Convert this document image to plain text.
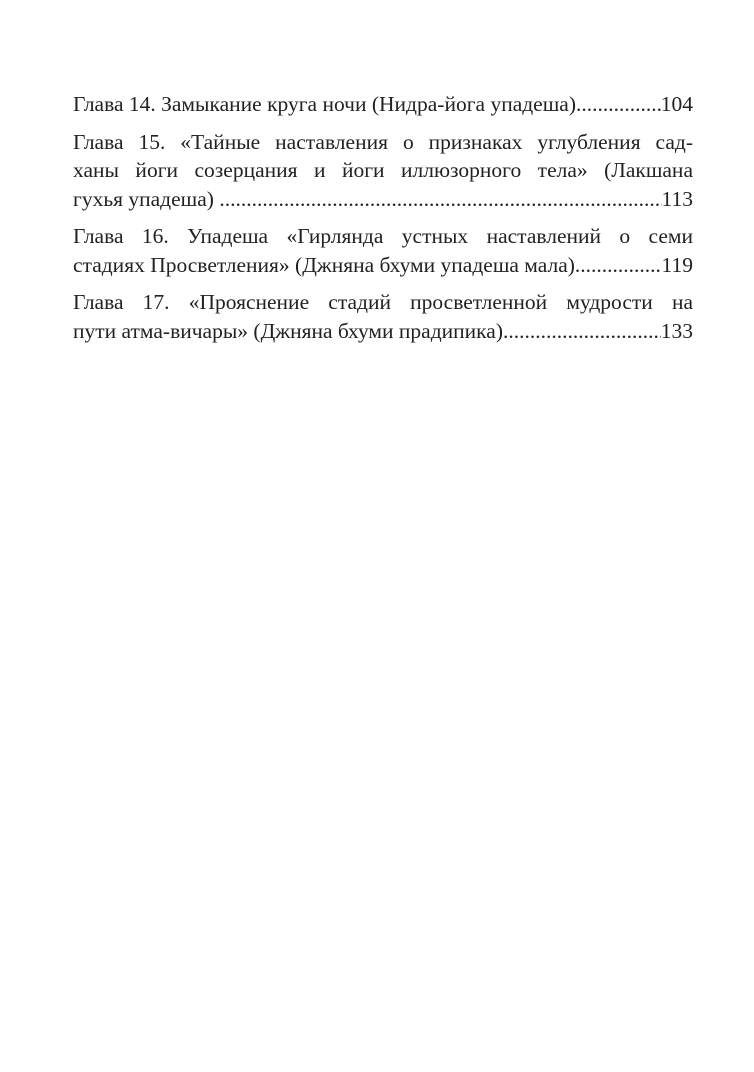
Глава 14. Замыкание круга ночи (Нидра-йога упадеша) .....	104
Глава 15. «Тайные наставления о признаках углубления сад-
ханы йоги созерцания и йоги иллюзорного тела» (Лакшана
гухья упадеша) .....	113
Глава 16. Упадеша «Гирлянда устных наставлений о семи
стадиях Просветления» (Джняна бхуми упадеша мала) .....	119
Глава 17. «Прояснение стадий просветленной мудрости на
пути атма-вичары» (Джняна бхуми прадипика) .....	133
